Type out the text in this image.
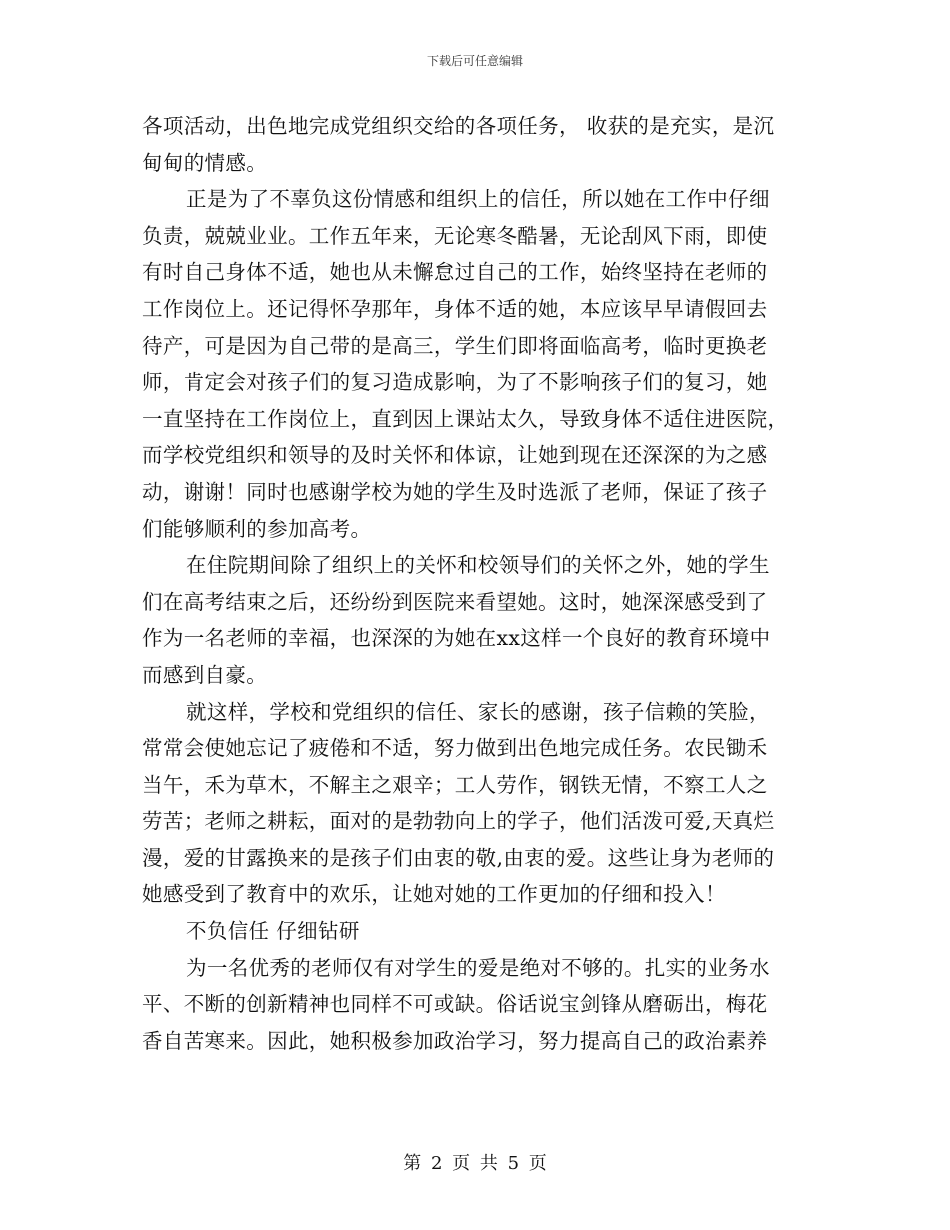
下载后可任意编辑
各项活动，出色地完成党组织交给的各项任务， 收获的是充实，是沉
甸甸的情感。
正是为了不辜负这份情感和组织上的信任，所以她在工作中仔细
负责，兢兢业业。工作五年来，无论寒冬酷暑，无论刮风下雨，即使
有时自己身体不适，她也从未懈怠过自己的工作，始终坚持在老师的
工作岗位上。还记得怀孕那年，身体不适的她，本应该早早请假回去
待产，可是因为自己带的是高三，学生们即将面临高考，临时更换老
师，肯定会对孩子们的复习造成影响，为了不影响孩子们的复习，她
一直坚持在工作岗位上，直到因上课站太久，导致身体不适住进医院，
而学校党组织和领导的及时关怀和体谅，让她到现在还深深的为之感
动，谢谢！同时也感谢学校为她的学生及时选派了老师，保证了孩子
们能够顺利的参加高考。
在住院期间除了组织上的关怀和校领导们的关怀之外，她的学生
们在高考结束之后，还纷纷到医院来看望她。这时，她深深感受到了
作为一名老师的幸福，也深深的为她在xx这样一个良好的教育环境中
而感到自豪。
就这样，学校和党组织的信任、家长的感谢，孩子信赖的笑脸，
常常会使她忘记了疲倦和不适，努力做到出色地完成任务。农民锄禾
当午，禾为草木，不解主之艰辛；工人劳作，钢铁无情，不察工人之
劳苦；老师之耕耘，面对的是勃勃向上的学子，他们活泼可爱,天真烂
漫，爱的甘露换来的是孩子们由衷的敬,由衷的爱。这些让身为老师的
她感受到了教育中的欢乐，让她对她的工作更加的仔细和投入！
不负信任 仔细钻研
为一名优秀的老师仅有对学生的爱是绝对不够的。扎实的业务水
平、不断的创新精神也同样不可或缺。俗话说宝剑锋从磨砺出，梅花
香自苦寒来。因此，她积极参加政治学习，努力提高自己的政治素养
第 2 页 共 5 页
